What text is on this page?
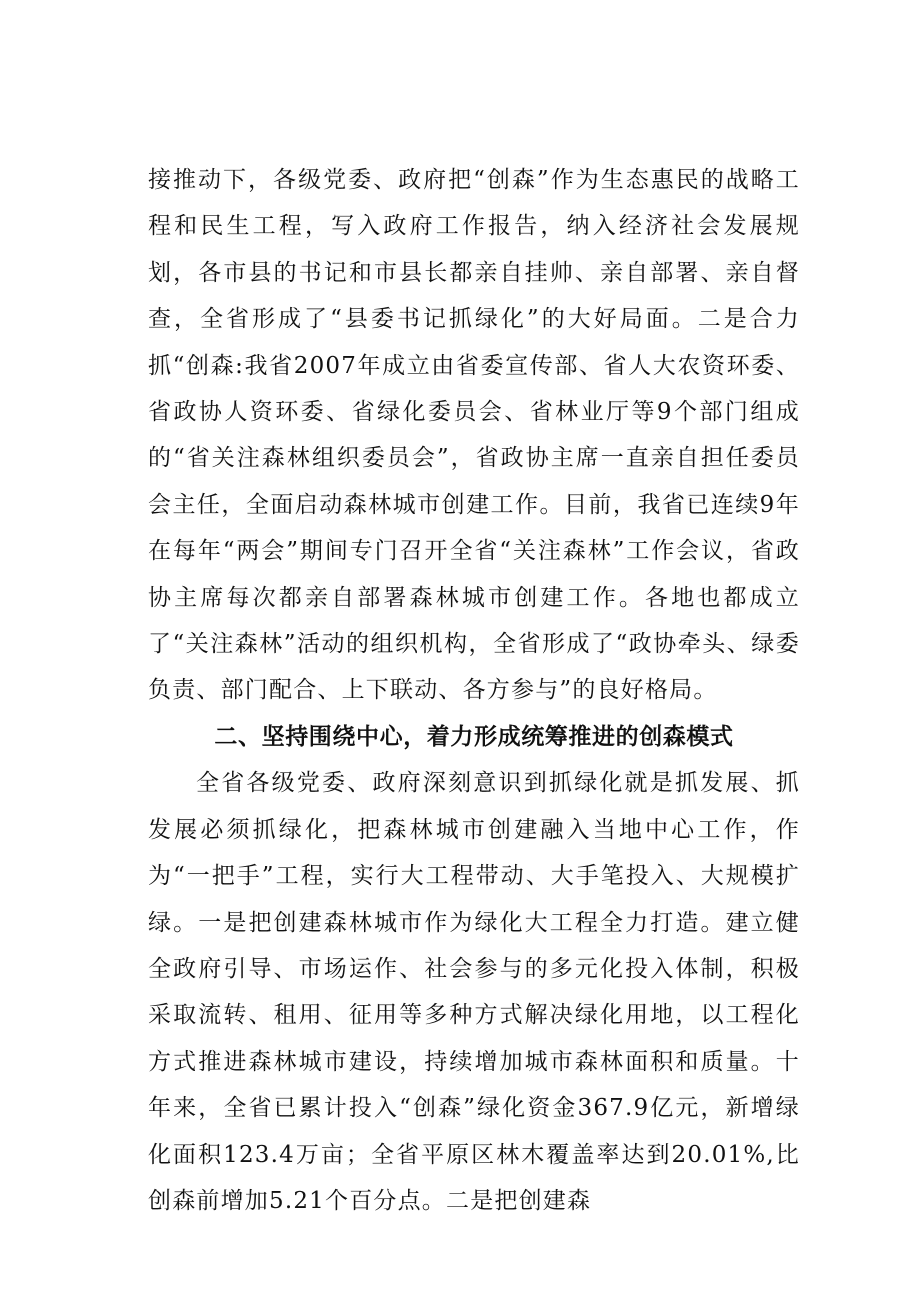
接推动下，各级党委、政府把“创森”作为生态惠民的战略工程和民生工程，写入政府工作报告，纳入经济社会发展规划，各市县的书记和市县长都亲自挂帅、亲自部署、亲自督查，全省形成了“县委书记抓绿化”的大好局面。二是合力抓“创森:我省2007年成立由省委宣传部、省人大农资环委、省政协人资环委、省绿化委员会、省林业厅等9个部门组成的“省关注森林组织委员会”，省政协主席一直亲自担任委员会主任，全面启动森林城市创建工作。目前，我省已连续9年在每年“两会”期间专门召开全省“关注森林”工作会议，省政协主席每次都亲自部署森林城市创建工作。各地也都成立了“关注森林”活动的组织机构，全省形成了“政协牵头、绿委负责、部门配合、上下联动、各方参与”的良好格局。

二、坚持围绕中心，着力形成统筹推进的创森模式

全省各级党委、政府深刻意识到抓绿化就是抓发展、抓发展必须抓绿化，把森林城市创建融入当地中心工作，作为“一把手”工程，实行大工程带动、大手笔投入、大规模扩绿。一是把创建森林城市作为绿化大工程全力打造。建立健全政府引导、市场运作、社会参与的多元化投入体制，积极采取流转、租用、征用等多种方式解决绿化用地，以工程化方式推进森林城市建设，持续增加城市森林面积和质量。十年来，全省已累计投入“创森”绿化资金367.9亿元，新增绿化面积123.4万亩；全省平原区林木覆盖率达到20.01%,比创森前增加5.21个百分点。二是把创建森
